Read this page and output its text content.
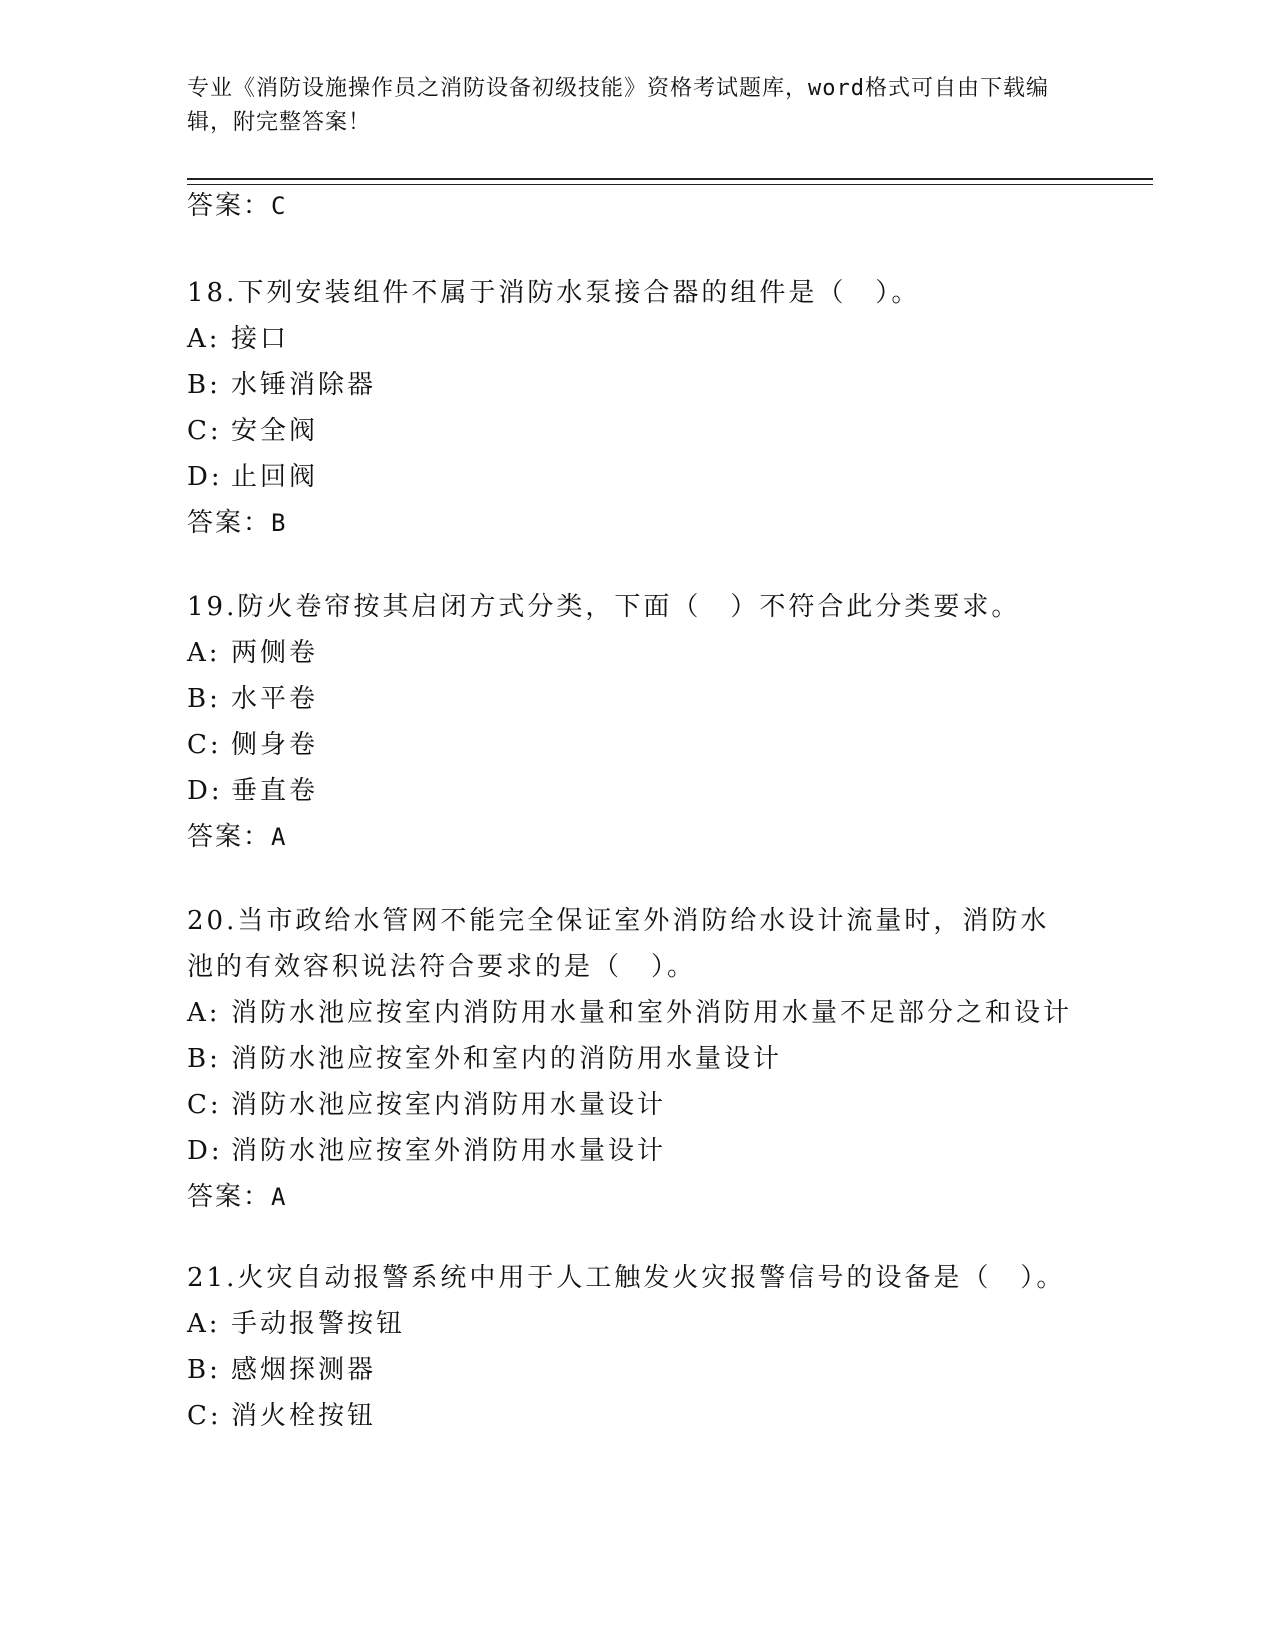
专业《消防设施操作员之消防设备初级技能》资格考试题库，word格式可自由下载编辑，附完整答案！
答案：C
18.下列安装组件不属于消防水泵接合器的组件是（　）。
A: 接口
B: 水锤消除器
C: 安全阀
D: 止回阀
答案：B
19.防火卷帘按其启闭方式分类，下面（　）不符合此分类要求。
A: 两侧卷
B: 水平卷
C: 侧身卷
D: 垂直卷
答案：A
20.当市政给水管网不能完全保证室外消防给水设计流量时，消防水池的有效容积说法符合要求的是（　）。
A: 消防水池应按室内消防用水量和室外消防用水量不足部分之和设计
B: 消防水池应按室外和室内的消防用水量设计
C: 消防水池应按室内消防用水量设计
D: 消防水池应按室外消防用水量设计
答案：A
21.火灾自动报警系统中用于人工触发火灾报警信号的设备是（　）。
A: 手动报警按钮
B: 感烟探测器
C: 消火栓按钮
